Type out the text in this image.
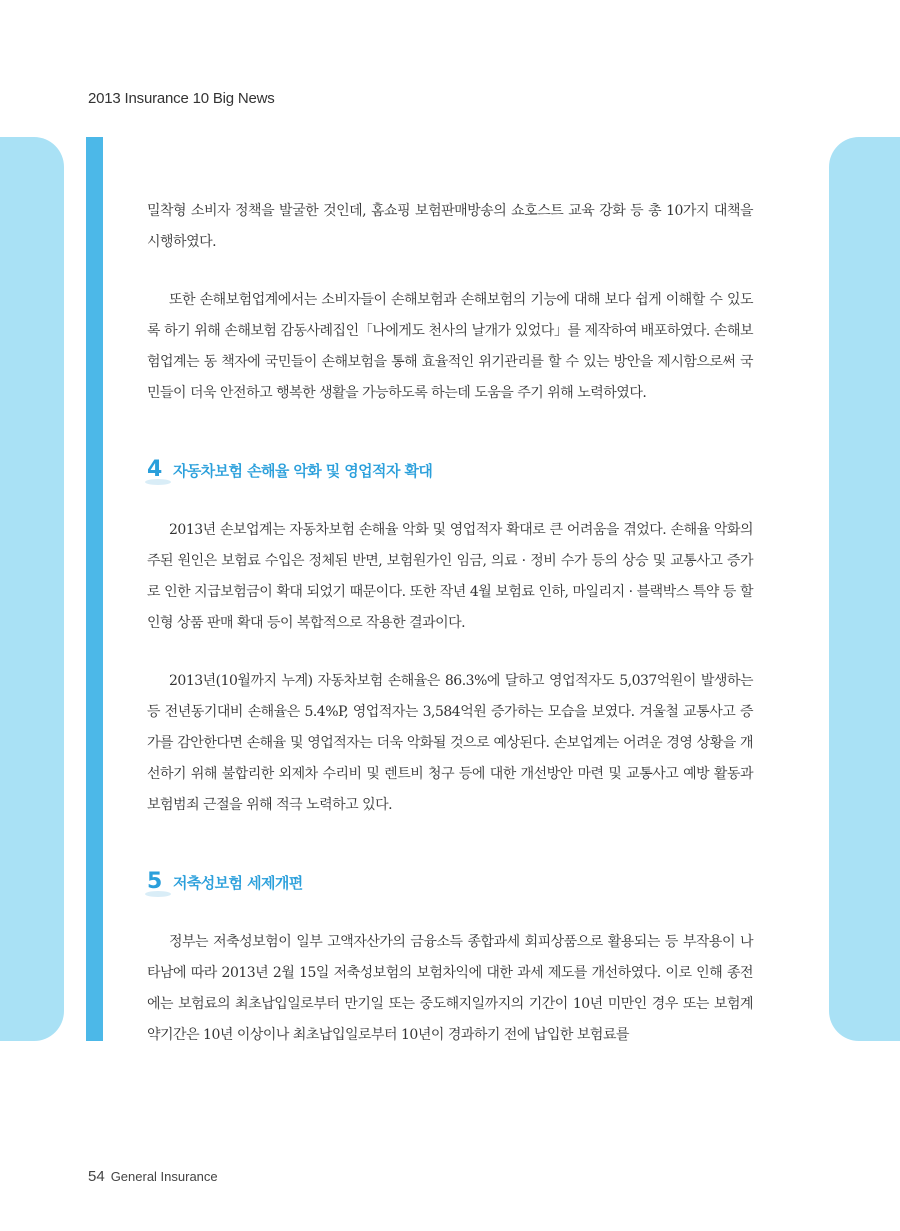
2013 Insurance 10 Big News

밀착형 소비자 정책을 발굴한 것인데, 홈쇼핑 보험판매방송의 쇼호스트 교육 강화 등 총 10가지 대책을 시행하였다.

또한 손해보험업계에서는 소비자들이 손해보험과 손해보험의 기능에 대해 보다 쉽게 이해할 수 있도록 하기 위해 손해보험 감동사례집인「나에게도 천사의 날개가 있었다」를 제작하여 배포하였다. 손해보험업계는 동 책자에 국민들이 손해보험을 통해 효율적인 위기관리를 할 수 있는 방안을 제시함으로써 국민들이 더욱 안전하고 행복한 생활을 가능하도록 하는데 도움을 주기 위해 노력하였다.

4 자동차보험 손해율 악화 및 영업적자 확대

2013년 손보업계는 자동차보험 손해율 악화 및 영업적자 확대로 큰 어려움을 겪었다. 손해율 악화의 주된 원인은 보험료 수입은 정체된 반면, 보험원가인 임금, 의료 · 정비 수가 등의 상승 및 교통사고 증가로 인한 지급보험금이 확대 되었기 때문이다. 또한 작년 4월 보험료 인하, 마일리지 · 블랙박스 특약 등 할인형 상품 판매 확대 등이 복합적으로 작용한 결과이다.

2013년(10월까지 누계) 자동차보험 손해율은 86.3%에 달하고 영업적자도 5,037억원이 발생하는 등 전년동기대비 손해율은 5.4%P, 영업적자는 3,584억원 증가하는 모습을 보였다. 겨울철 교통사고 증가를 감안한다면 손해율 및 영업적자는 더욱 악화될 것으로 예상된다. 손보업계는 어려운 경영 상황을 개선하기 위해 불합리한 외제차 수리비 및 렌트비 청구 등에 대한 개선방안 마련 및 교통사고 예방 활동과 보험범죄 근절을 위해 적극 노력하고 있다.

5 저축성보험 세제개편

정부는 저축성보험이 일부 고액자산가의 금융소득 종합과세 회피상품으로 활용되는 등 부작용이 나타남에 따라 2013년 2월 15일 저축성보험의 보험차익에 대한 과세 제도를 개선하였다. 이로 인해 종전에는 보험료의 최초납입일로부터 만기일 또는 중도해지일까지의 기간이 10년 미만인 경우 또는 보험계약기간은 10년 이상이나 최초납입일로부터 10년이 경과하기 전에 납입한 보험료를

54 General Insurance
